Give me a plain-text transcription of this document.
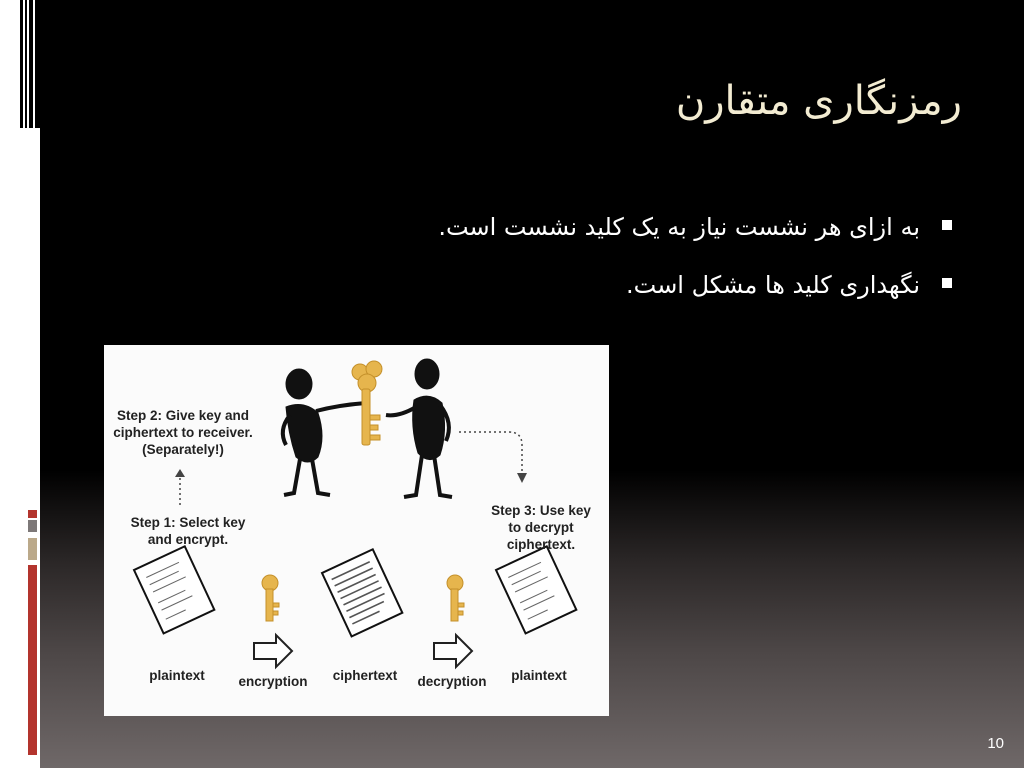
رمزنگاری متقارن
به ازای هر نشست نیاز به یک کلید نشست است.
نگهداری کلید ها مشکل است.
Step 2: Give key and
ciphertext to receiver.
(Separately!)
Step 1: Select key
and encrypt.
Step 3: Use key
to decrypt
ciphertext.
plaintext	encryption	ciphertext	decryption	plaintext
10
